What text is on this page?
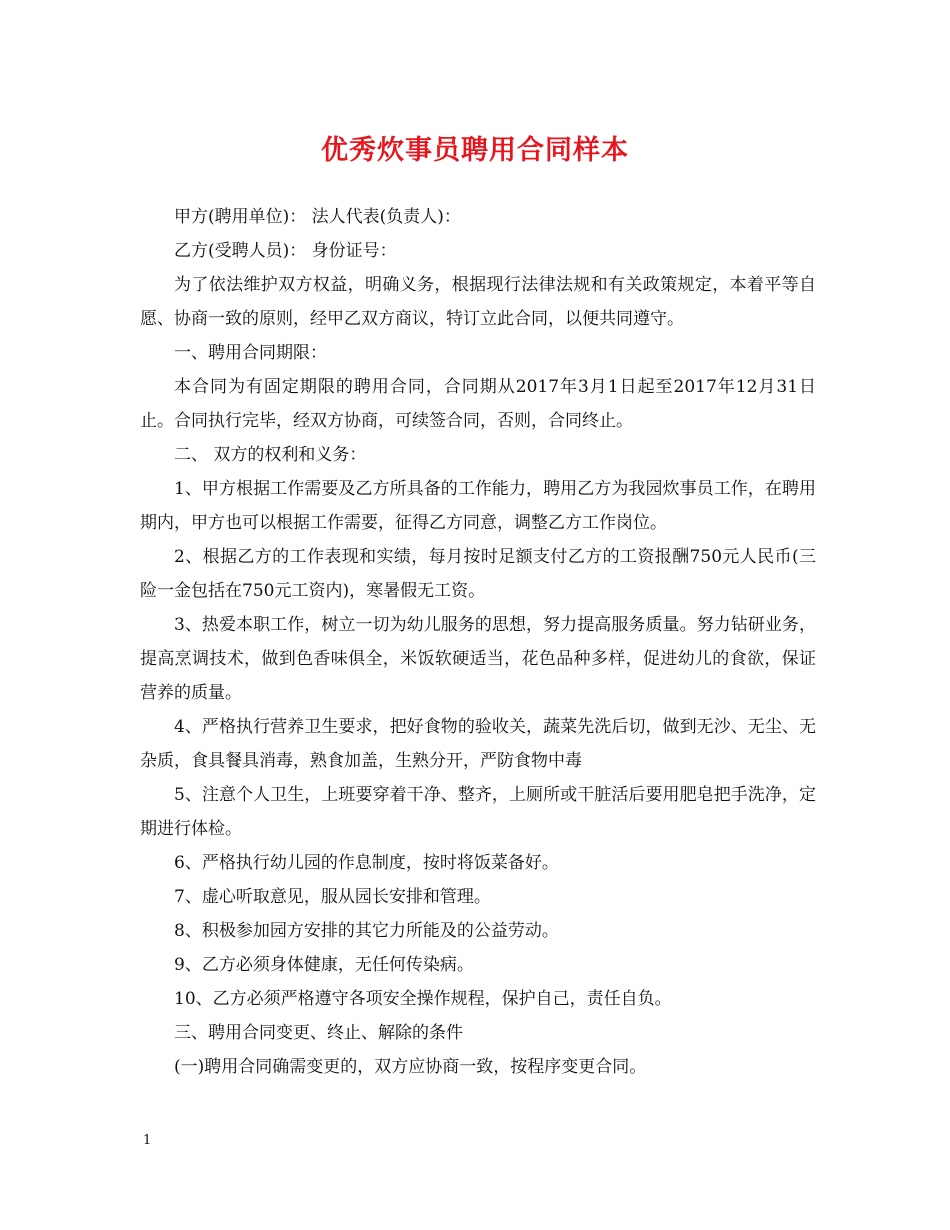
优秀炊事员聘用合同样本

甲方(聘用单位)： 法人代表(负责人)：

乙方(受聘人员)： 身份证号：

为了依法维护双方权益，明确义务，根据现行法律法规和有关政策规定，本着平等自愿、协商一致的原则，经甲乙双方商议，特订立此合同，以便共同遵守。

一、聘用合同期限：

本合同为有固定期限的聘用合同，合同期从2017年3月1日起至2017年12月31日止。合同执行完毕，经双方协商，可续签合同，否则，合同终止。

二、 双方的权利和义务：

1、甲方根据工作需要及乙方所具备的工作能力，聘用乙方为我园炊事员工作，在聘用期内，甲方也可以根据工作需要，征得乙方同意，调整乙方工作岗位。

2、根据乙方的工作表现和实绩，每月按时足额支付乙方的工资报酬750元人民币(三险一金包括在750元工资内)，寒暑假无工资。

3、热爱本职工作，树立一切为幼儿服务的思想，努力提高服务质量。努力钻研业务，提高烹调技术，做到色香味俱全，米饭软硬适当，花色品种多样，促进幼儿的食欲，保证营养的质量。

4、严格执行营养卫生要求，把好食物的验收关，蔬菜先洗后切，做到无沙、无尘、无杂质，食具餐具消毒，熟食加盖，生熟分开，严防食物中毒

5、注意个人卫生，上班要穿着干净、整齐，上厕所或干脏活后要用肥皂把手洗净，定期进行体检。

6、严格执行幼儿园的作息制度，按时将饭菜备好。

7、虚心听取意见，服从园长安排和管理。

8、积极参加园方安排的其它力所能及的公益劳动。

9、乙方必须身体健康，无任何传染病。

10、乙方必须严格遵守各项安全操作规程，保护自己，责任自负。

三、聘用合同变更、终止、解除的条件

(一)聘用合同确需变更的，双方应协商一致，按程序变更合同。

1
